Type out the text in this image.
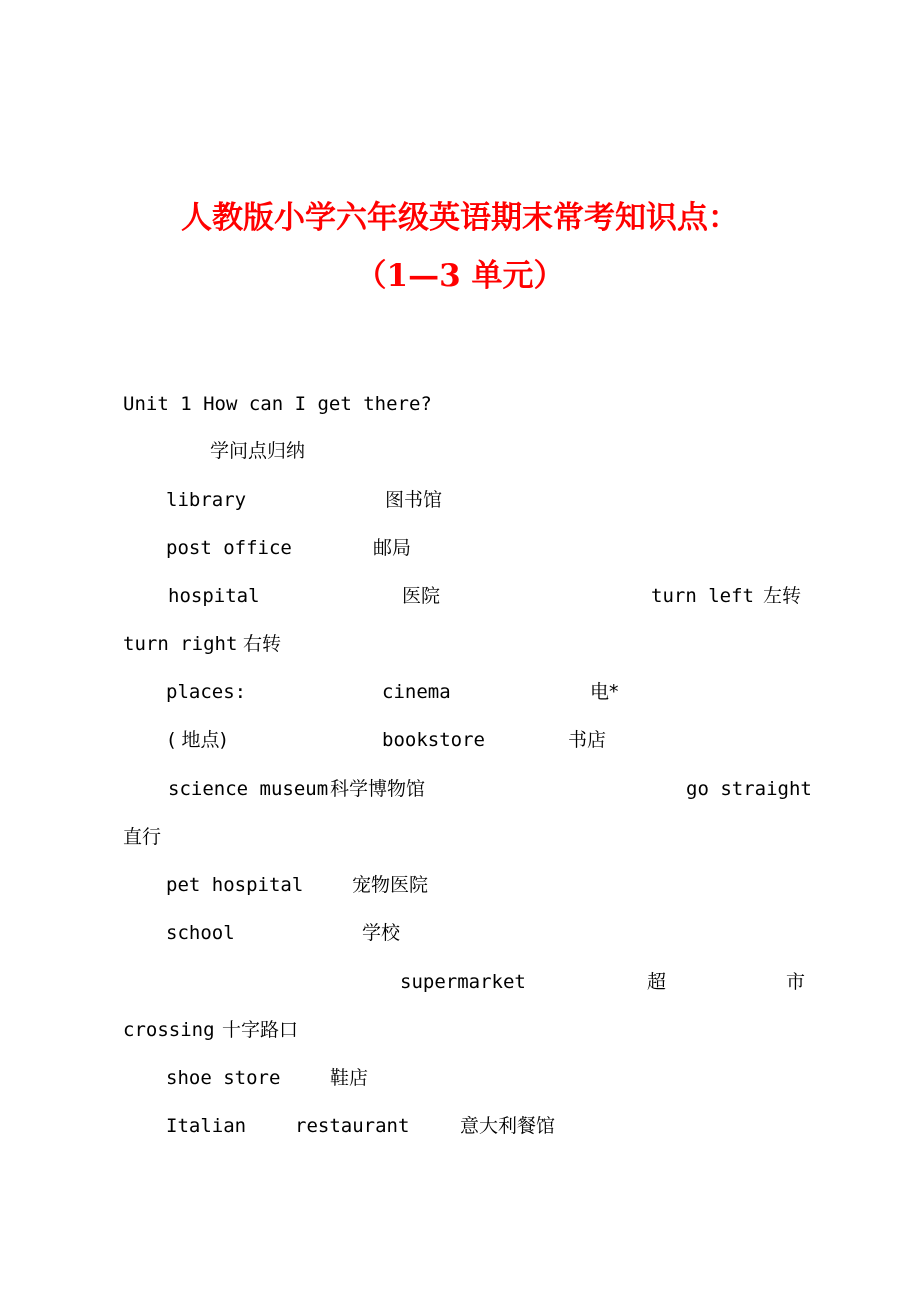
人教版小学六年级英语期末常考知识点：
（1—3 单元）
Unit 1 How can I get there?
学问点归纳
library	图书馆
post office	邮局
hospital	医院	turn left 左转
turn right 右转
places:	cinema	电*
( 地点)	bookstore	书店
science museum 科学博物馆	go straight
直行
pet hospital	宠物医院
school	学校
supermarket	超	市
crossing 十字路口
shoe store	鞋店
Italian	restaurant	意大利餐馆
